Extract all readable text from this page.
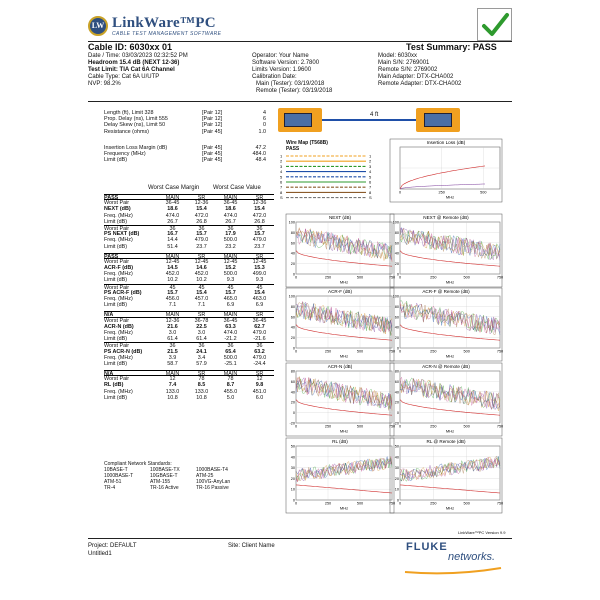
LW LinkWare™PC
CABLE TEST MANAGEMENT SOFTWARE
Cable ID: 6030xx 01	Test Summary: PASS
Date / Time: 03/03/2023 02:32:52 PM
Headroom 15.4 dB (NEXT 12-36)
Test Limit: TIA Cat 6A Channel
Cable Type: Cat 6A U/UTP
NVP: 98.2%
Operator: Your Name
Software Version: 2.7800
Limits Version: 1.9600
Calibration Date:
Main (Tester): 03/19/2018
Remote (Tester): 03/19/2018
Model: 6030xx
Main S/N: 2769001
Remote S/N: 2769002
Main Adapter: DTX-CHA002
Remote Adapter: DTX-CHA002
Length (ft), Limit 328	[Pair 12]	4
Prop. Delay (ns), Limit 555	[Pair 12]	6
Delay Skew (ns), Limit 50	[Pair 12]	0
Resistance (ohms)	[Pair 45]	1.0
Insertion Loss Margin (dB)	[Pair 45]	47.2
Frequency (MHz)	[Pair 45]	484.0
Limit (dB)	[Pair 45]	48.4
Worst Case Margin Worst Case Value
PASS	MAIN	SR	MAIN	SR
Worst Pair	36-45	12-36	36-45	12-36
NEXT (dB)	18.6	15.4	18.6	15.4
Freq. (MHz)	474.0	472.0	474.0	472.0
Limit (dB)	26.7	26.8	26.7	26.8
Worst Pair	36	36	36	36
PS NEXT (dB)	16.7	15.7	17.9	15.7
Freq. (MHz)	14.4	479.0	500.0	479.0
Limit (dB)	51.4	23.7	23.2	23.7
PASS	MAIN	SR	MAIN	SR
Worst Pair	12-45	12-45	12-45	12-45
ACR-F (dB)	14.5	14.6	15.2	15.3
Freq. (MHz)	452.0	452.0	500.0	499.0
Limit (dB)	10.2	10.2	9.3	9.3
Worst Pair	45	45	45	45
PS ACR-F (dB)	15.7	15.4	15.7	15.4
Freq. (MHz)	456.0	457.0	465.0	463.0
Limit (dB)	7.1	7.1	6.9	6.9
N/A	MAIN	SR	MAIN	SR
Worst Pair	12-36	36-78	36-45	36-45
ACR-N (dB)	21.6	22.5	63.3	62.7
Freq. (MHz)	3.0	3.0	474.0	479.0
Limit (dB)	61.4	61.4	-21.2	-21.6
Worst Pair	36	36	36	36
PS ACR-N (dB)	21.5	24.1	65.4	63.2
Freq. (MHz)	3.9	3.4	500.0	479.0
Limit (dB)	58.7	57.9	-25.1	-24.4
N/A	MAIN	SR	MAIN	SR
Worst Pair	12	78	78	12
RL (dB)	7.4	8.5	8.7	9.8
Freq. (MHz)	133.0	133.0	455.0	451.0
Limit (dB)	10.8	10.8	5.0	6.0
Compliant Network Standards:
10BASE-T	100BASE-TX	1000BASE-T4
1000BASE-T	10GBASE-T	ATM-25
ATM-51	ATM-155	100VG-AnyLan
TR-4	TR-16 Active	TR-16 Passive
4 ft
Wire Map (T568B)
PASS
1	1
2	2
3	3
4	4
5	5
6	6
7	7
8	8
S	S
Insertion Loss (dB)
0	250	500
MHz
NEXT (dB)
100
80
60
40
20
0
0	250	500	750
MHz
NEXT @ Remote (dB)
100
80
60
40
20
0
0	250	500	750
MHz
ACR-F (dB)
100
80
60
40
20
0
0	250	500	750
MHz
ACR-F @ Remote (dB)
100
80
60
40
20
0
0	250	500	750
MHz
ACR-N (dB)
80
60
40
20
0
-20
0	250	500	750
MHz
ACR-N @ Remote (dB)
80
60
40
20
0
-20
0	250	500	750
MHz
RL (dB)
50
40
30
20
10
0
0	250	500	750
MHz
RL @ Remote (dB)
50
40
30
20
10
0
0	250	500	750
MHz
LinkWare™PC Version 9.9
Project: DEFAULT
Untitled1
Site: Client Name	FLUKE
networks.
